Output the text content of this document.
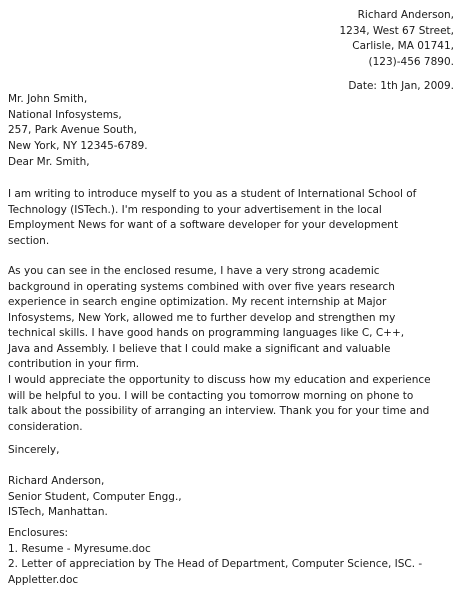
Richard Anderson,
1234, West 67 Street,
Carlisle, MA 01741,
(123)-456 7890.
Date: 1th Jan, 2009.
Mr. John Smith,
National Infosystems,
257, Park Avenue South,
New York, NY 12345-6789.
Dear Mr. Smith,
I am writing to introduce myself to you as a student of International School of
Technology (ISTech.). I'm responding to your advertisement in the local
Employment News for want of a software developer for your development
section.
As you can see in the enclosed resume, I have a very strong academic
background in operating systems combined with over five years research
experience in search engine optimization. My recent internship at Major
Infosystems, New York, allowed me to further develop and strengthen my
technical skills. I have good hands on programming languages like C, C++,
Java and Assembly. I believe that I could make a significant and valuable
contribution in your firm.
I would appreciate the opportunity to discuss how my education and experience
will be helpful to you. I will be contacting you tomorrow morning on phone to
talk about the possibility of arranging an interview. Thank you for your time and
consideration.
Sincerely,
Richard Anderson,
Senior Student, Computer Engg.,
ISTech, Manhattan.
Enclosures:
1. Resume - Myresume.doc
2. Letter of appreciation by The Head of Department, Computer Science, ISC. -
Appletter.doc
